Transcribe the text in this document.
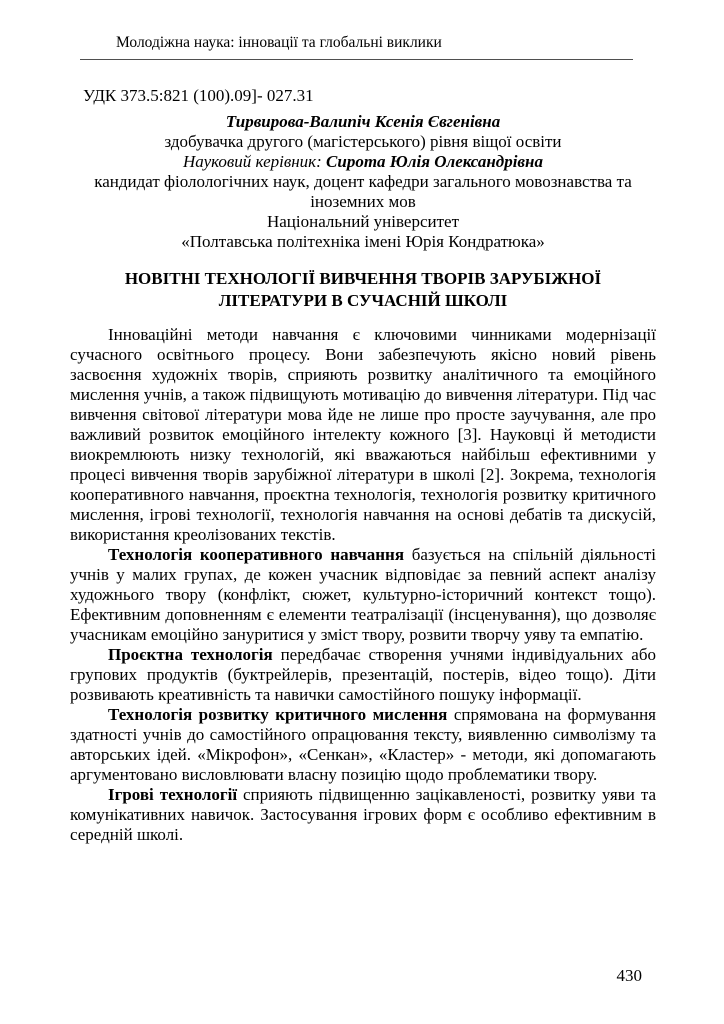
Молодіжна наука: інновації та глобальні виклики
УДК 373.5:821 (100).09]- 027.31
Тирвирова-Валипіч Ксенія Євгенівна
здобувачка другого (магістерського) рівня віщої освіти
Науковий керівник: Сирота Юлія Олександрівна
кандидат фіолологічних наук, доцент кафедри загального мовознавства та іноземних мов
Національний університет
«Полтавська політехніка імені Юрія Кондратюка»
НОВІТНІ ТЕХНОЛОГІЇ ВИВЧЕННЯ ТВОРІВ ЗАРУБІЖНОЇ ЛІТЕРАТУРИ В СУЧАСНІЙ ШКОЛІ

Інноваційні методи навчання є ключовими чинниками модернізації сучасного освітнього процесу. Вони забезпечують якісно новий рівень засвоєння художніх творів, сприяють розвитку аналітичного та емоційного мислення учнів, а також підвищують мотивацію до вивчення літератури. Під час вивчення світової літератури мова йде не лише про просте заучування, але про важливий розвиток емоційного інтелекту кожного [3]. Науковці й методисти виокремлюють низку технологій, які вважаються найбільш ефективними у процесі вивчення творів зарубіжної літератури в школі [2]. Зокрема, технологія кооперативного навчання, проєктна технологія, технологія розвитку критичного мислення, ігрові технології, технологія навчання на основі дебатів та дискусій, використання креолізованих текстів.

Технологія кооперативного навчання базується на спільній діяльності учнів у малих групах, де кожен учасник відповідає за певний аспект аналізу художнього твору (конфлікт, сюжет, культурно-історичний контекст тощо). Ефективним доповненням є елементи театралізації (інсценування), що дозволяє учасникам емоційно зануритися у зміст твору, розвити творчу уяву та емпатію.

Проєктна технологія передбачає створення учнями індивідуальних або групових продуктів (буктрейлерів, презентацій, постерів, відео тощо). Діти розвивають креативність та навички самостійного пошуку інформації.

Технологія розвитку критичного мислення спрямована на формування здатності учнів до самостійного опрацювання тексту, виявленню символізму та авторських ідей. «Мікрофон», «Сенкан», «Кластер» - методи, які допомагають аргументовано висловлювати власну позицію щодо проблематики твору.

Ігрові технології сприяють підвищенню зацікавленості, розвитку уяви та комунікативних навичок. Застосування ігрових форм є особливо ефективним в середній школі.

430
